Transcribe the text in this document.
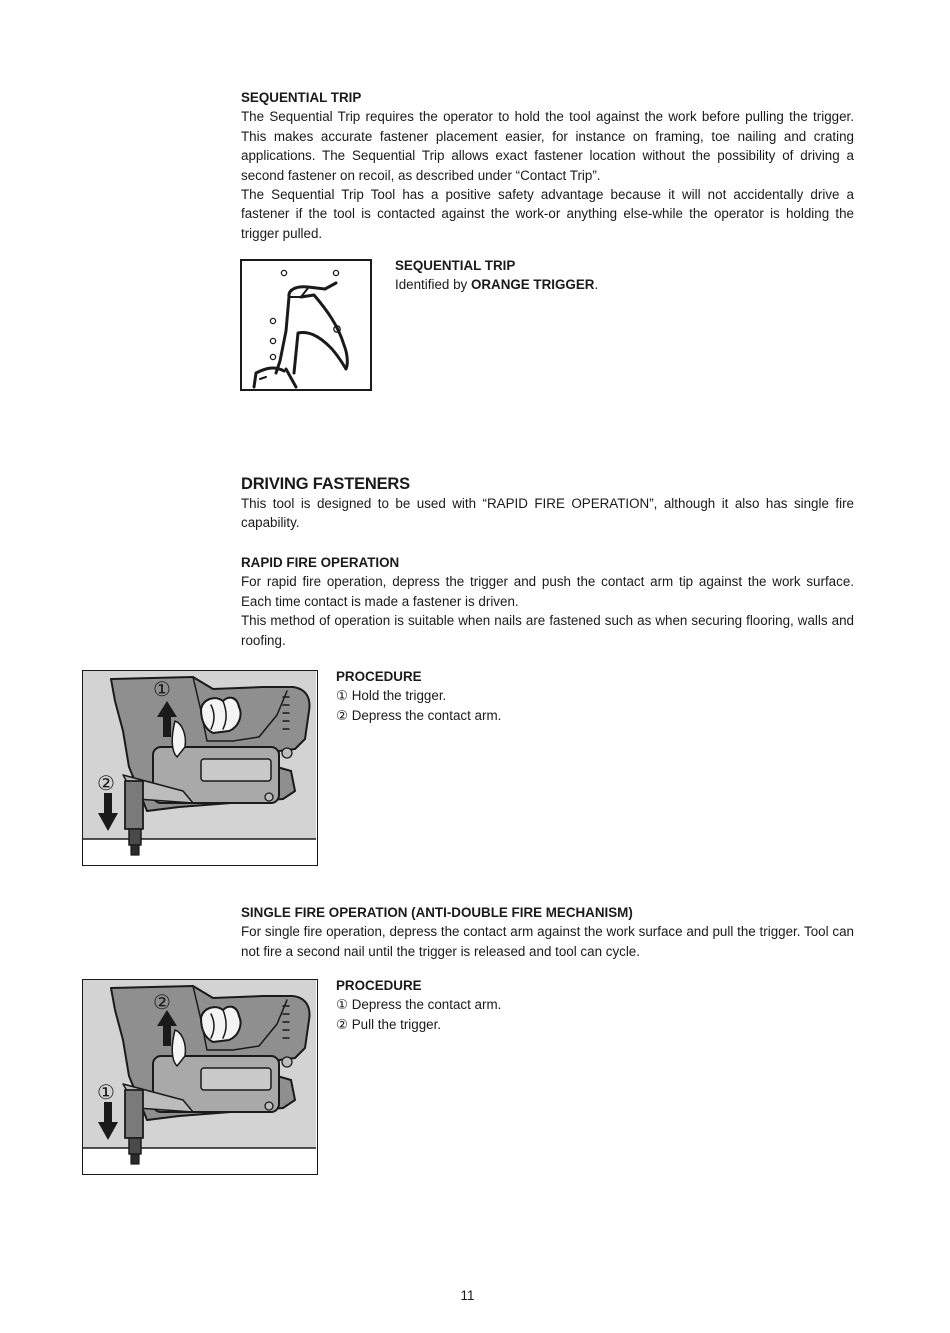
SEQUENTIAL TRIP

The Sequential Trip requires the operator to hold the tool against the work before pulling the trigger. This makes accurate fastener placement easier, for instance on framing, toe nailing and crating applications. The Sequential Trip allows exact fastener location without the possibility of driving a second fastener on recoil, as described under “Contact Trip”.

The Sequential Trip Tool has a positive safety advantage because it will not accidentally drive a fastener if the tool is contacted against the work-or anything else-while the operator is holding the trigger pulled.

SEQUENTIAL TRIP

Identified by ORANGE TRIGGER.

DRIVING FASTENERS

This tool is designed to be used with “RAPID FIRE OPERATION”, although it also has single fire capability.

RAPID FIRE OPERATION

For rapid fire operation, depress the trigger and push the contact arm tip against the work surface. Each time contact is made a fastener is driven.

This method of operation is suitable when nails are fastened such as when securing flooring, walls and roofing.

①
②

PROCEDURE

① Hold the trigger.

② Depress the contact arm.

SINGLE FIRE OPERATION (ANTI-DOUBLE FIRE MECHANISM)

For single fire operation, depress the contact arm against the work surface and pull the trigger. Tool can not fire a second nail until the trigger is released and tool can cycle.

②
①

PROCEDURE

① Depress the contact arm.

② Pull the trigger.

11
